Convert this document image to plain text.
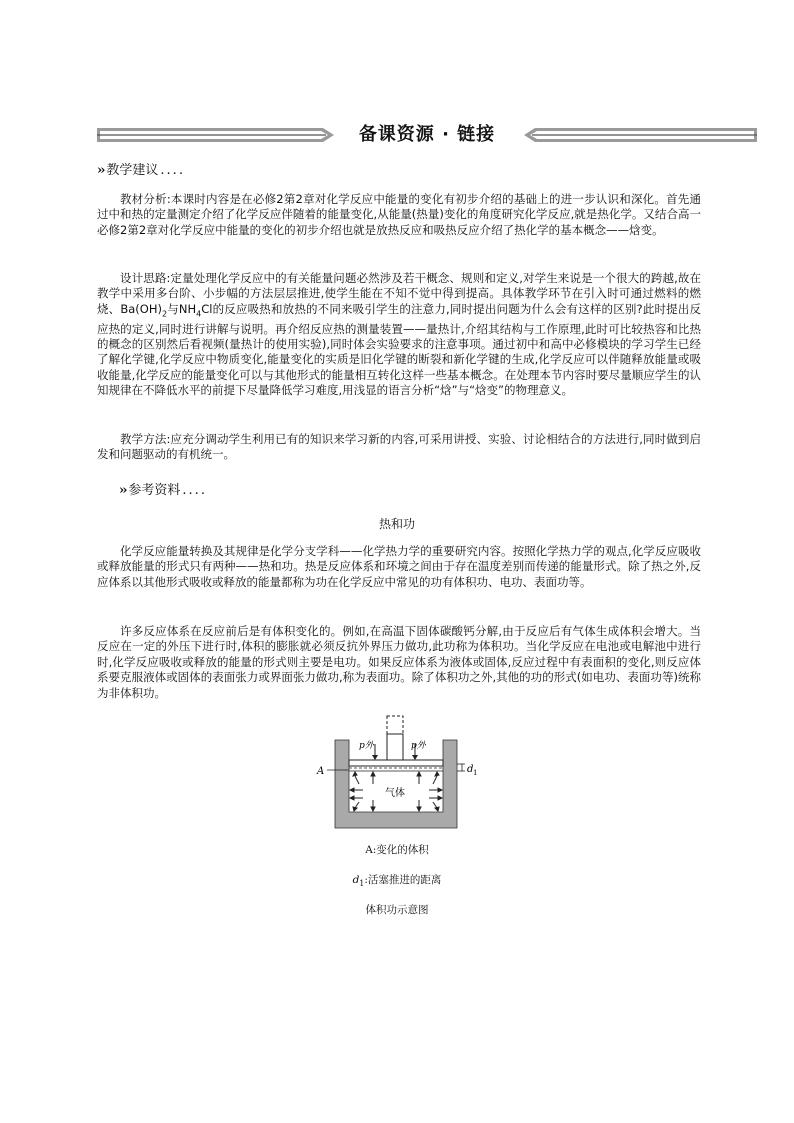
备课资源 · 链接
›› 教学建议 ....
教材分析:本课时内容是在必修2第2章对化学反应中能量的变化有初步介绍的基础上的进一步认识和深化。首先通过中和热的定量测定介绍了化学反应伴随着的能量变化,从能量(热量)变化的角度研究化学反应,就是热化学。又结合高一必修2第2章对化学反应中能量的变化的初步介绍也就是放热反应和吸热反应介绍了热化学的基本概念——焓变。
设计思路:定量处理化学反应中的有关能量问题必然涉及若干概念、规则和定义,对学生来说是一个很大的跨越,故在教学中采用多台阶、小步幅的方法层层推进,使学生能在不知不觉中得到提高。具体教学环节在引入时可通过燃料的燃烧、$Ba(OH)_2$与$NH_4Cl$的反应吸热和放热的不同来吸引学生的注意力,同时提出问题为什么会有这样的区别?此时提出反应热的定义,同时进行讲解与说明。再介绍反应热的测量装置——量热计,介绍其结构与工作原理,此时可比较热容和比热的概念的区别然后看视频(量热计的使用实验),同时体会实验要求的注意事项。通过初中和高中必修模块的学习学生已经了解化学键,化学反应中物质变化,能量变化的实质是旧化学键的断裂和新化学键的生成,化学反应可以伴随释放能量或吸收能量,化学反应的能量变化可以与其他形式的能量相互转化这样一些基本概念。在处理本节内容时要尽量顺应学生的认知规律在不降低水平的前提下尽量降低学习难度,用浅显的语言分析“焓”与“焓变”的物理意义。
教学方法:应充分调动学生利用已有的知识来学习新的内容,可采用讲授、实验、讨论相结合的方法进行,同时做到启发和问题驱动的有机统一。
›› 参考资料 ....
热和功
化学反应能量转换及其规律是化学分支学科——化学热力学的重要研究内容。按照化学热力学的观点,化学反应吸收或释放能量的形式只有两种——热和功。热是反应体系和环境之间由于存在温度差别而传递的能量形式。除了热之外,反应体系以其他形式吸收或释放的能量都称为功在化学反应中常见的功有体积功、电功、表面功等。
许多反应体系在反应前后是有体积变化的。例如,在高温下固体碳酸钙分解,由于反应后有气体生成体积会增大。当反应在一定的外压下进行时,体积的膨胀就必须反抗外界压力做功,此功称为体积功。当化学反应在电池或电解池中进行时,化学反应吸收或释放的能量的形式则主要是电功。如果反应体系为液体或固体,反应过程中有表面积的变化,则反应体系要克服液体或固体的表面张力或界面张力做功,称为表面功。除了体积功之外,其他的功的形式(如电功、表面功等)统称为非体积功。
p外	p外
A	d 1
气体
A:变化的体积
$d_1$:活塞推进的距离
体积功示意图
